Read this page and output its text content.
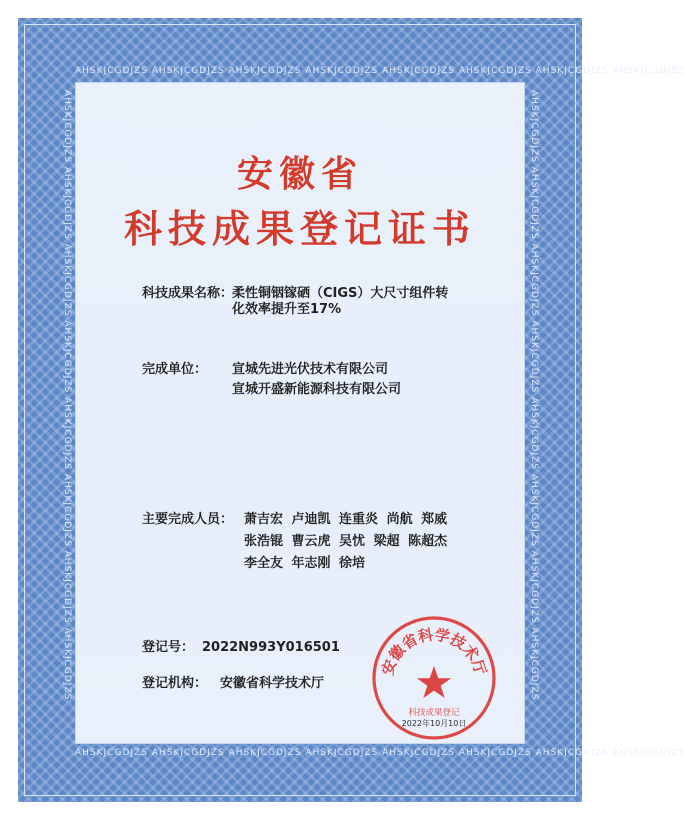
AHSKJCGDJZS AHSKJCGDJZS AHSKJCGDJZS AHSKJCGDJZS AHSKJCGDJZS AHSKJCGDJZS AHSKJCGDJZS AHSKJCGDJZS
AHSKJCGDJZS AHSKJCGDJZS AHSKJCGDJZS AHSKJCGDJZS AHSKJCGDJZS AHSKJCGDJZS AHSKJCGDJZS AHSKJCGDJZS
AHSKJCGDJZS AHSKJCGDJZS AHSKJCGDJZS AHSKJCGDJZS AHSKJCGDJZS AHSKJCGDJZS AHSKJCGDJZS AHSKJCGDJZS	AHSKJCGDJZS AHSKJCGDJZS AHSKJCGDJZS AHSKJCGDJZS AHSKJCGDJZS AHSKJCGDJZS AHSKJCGDJZS AHSKJCGDJZS
安徽省
科技成果登记证书
科技成果名称：
柔性铜铟镓硒（CIGS）大尺寸组件转
化效率提升至17%
完成单位： 宣城先进光伏技术有限公司
宣城开盛新能源科技有限公司
主要完成人员： 萧吉宏 卢迪凯 连重炎 尚航 郑威
张浩锟 曹云虎 吴忧 梁超 陈超杰
李全友 年志刚 徐培
登记号： 2022N993Y016501
登记机构： 安徽省科学技术厅
安徽省科学技术厅
科技成果登记
2022年10月10日
